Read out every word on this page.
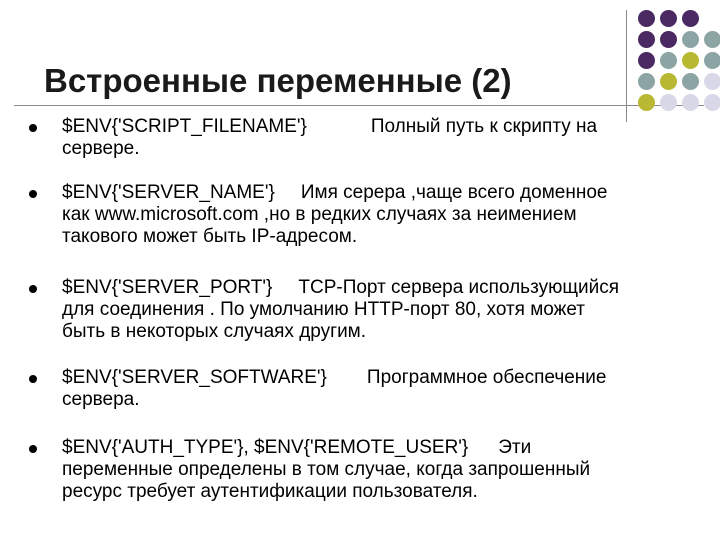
Встроенные переменные (2)
$ENV{'SCRIPT_FILENAME'}	Полный путь к скрипту на
сервере.
$ENV{'SERVER_NAME'} Имя серера ,чаще всего доменное
как www.microsoft.com ,но в редких случаях за неимением
такового может быть IP-адресом.
$ENV{'SERVER_PORT'} TCP-Порт сервера использующийся
для соединения . По умолчанию HTTP-порт 80, хотя может
быть в некоторых случаях другим.
$ENV{'SERVER_SOFTWARE'} Программное обеспечение
сервера.
$ENV{'AUTH_TYPE'}, $ENV{'REMOTE_USER'} Эти
переменные определены в том случае, когда запрошенный
ресурс требует аутентификации пользователя.
